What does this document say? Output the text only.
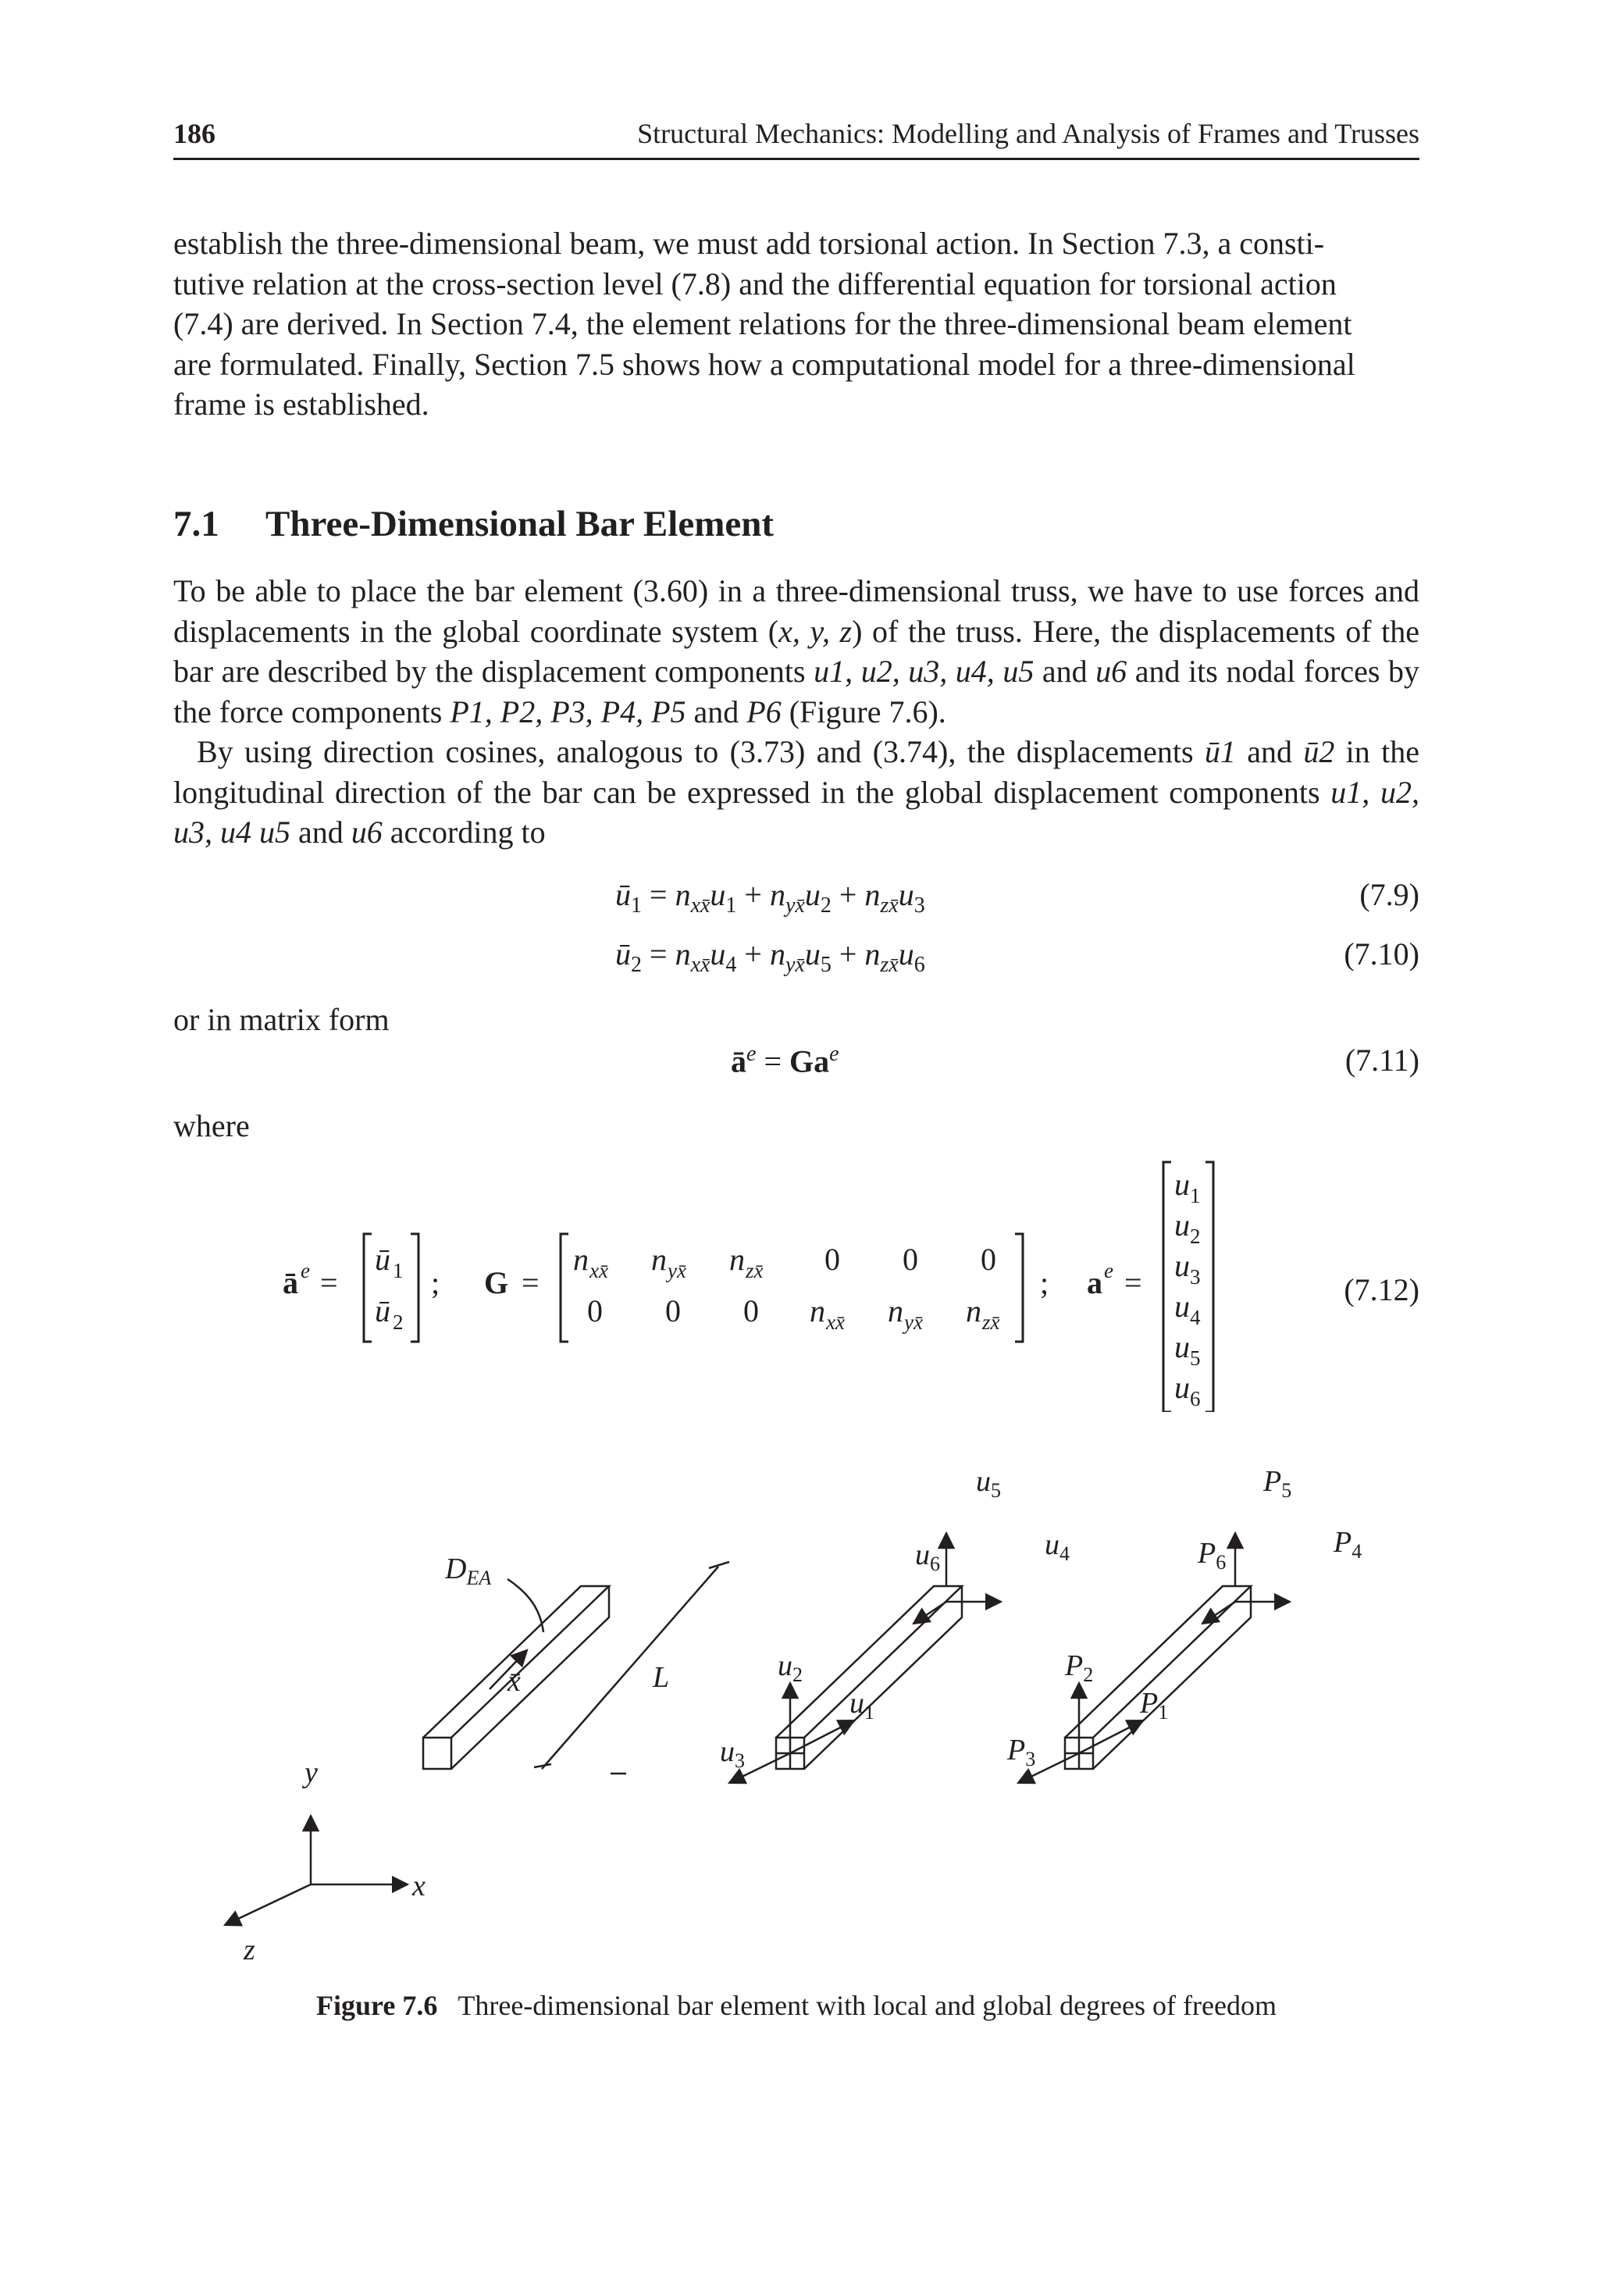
186	Structural Mechanics: Modelling and Analysis of Frames and Trusses

establish the three-dimensional beam, we must add torsional action. In Section 7.3, a consti-

tutive relation at the cross-section level (7.8) and the differential equation for torsional action

(7.4) are derived. In Section 7.4, the element relations for the three-dimensional beam element

are formulated. Finally, Section 7.5 shows how a computational model for a three-dimensional

frame is established.

7.1 Three-Dimensional Bar Element

To be able to place the bar element (3.60) in a three-dimensional truss, we have to use forces and displacements in the global coordinate system (x, y, z) of the truss. Here, the displacements of the bar are described by the displacement components u1, u2, u3, u4, u5 and u6 and its nodal forces by the force components P1, P2, P3, P4, P5 and P6 (Figure 7.6).

By using direction cosines, analogous to (3.73) and (3.74), the displacements ū1 and ū2 in the longitudinal direction of the bar can be expressed in the global displacement components u1, u2, u3, u4 u5 and u6 according to

$ū_1 = n_{xx̄}u_1 + n_{yx̄}u_2 + n_{zx̄}u_3$	(7.9)
$ū_2 = n_{xx̄}u_4 + n_{yx̄}u_5 + n_{zx̄}u_6$	(7.10)
or in matrix form
$ā^e = Ga^e$	(7.11)
where
ā e =
ū 1
ū 2
; G =
n xx̄ n yx̄ n zx̄ 0 0 0
0 0 0 n xx̄ n yx̄ n zx̄
; a e =
u 1
u 2
u 3
u 4
u 5
u 6
(7.12)
$D_{EA}$
x̄	L
y
x
z
$u_2$
$u_1$
$u_3$
$u_5$
$u_4$
$u_6$
$P_2$
$P_1$
$P_3$
$P_5$
$P_4$
$P_6$
Figure 7.6 Three-dimensional bar element with local and global degrees of freedom
